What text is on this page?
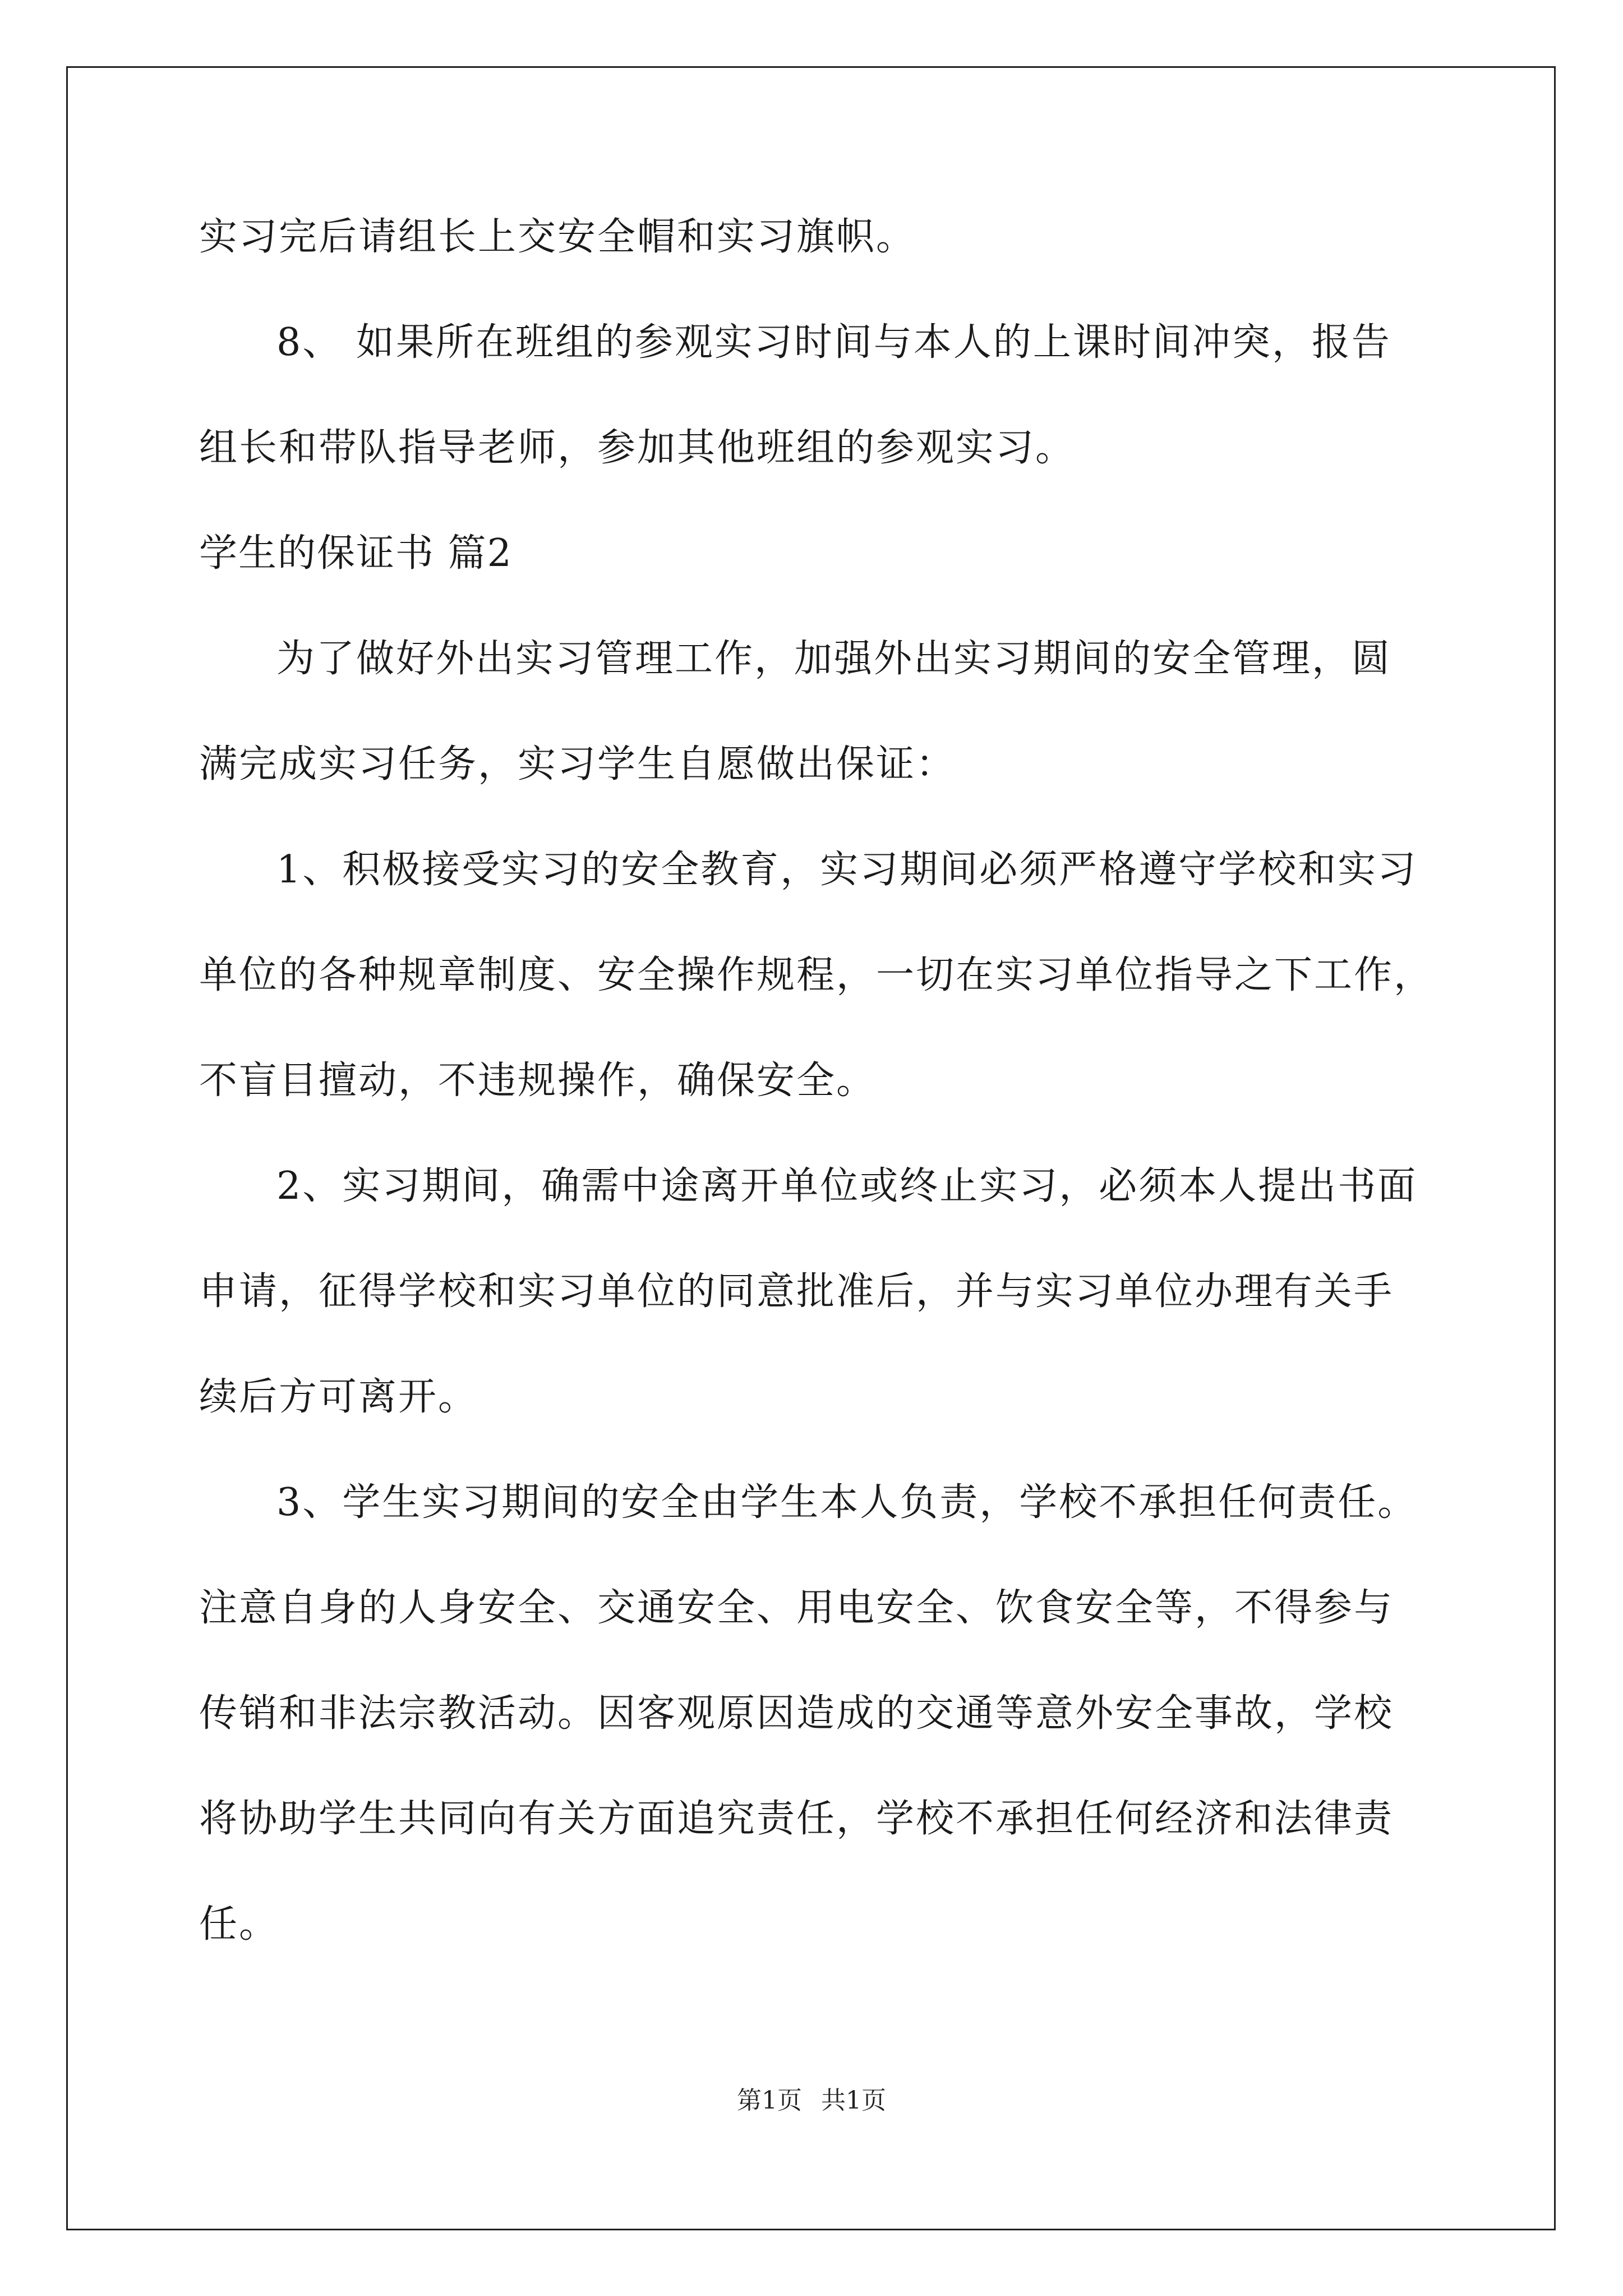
实习完后请组长上交安全帽和实习旗帜。

8、 如果所在班组的参观实习时间与本人的上课时间冲突，报告

组长和带队指导老师，参加其他班组的参观实习。

学生的保证书 篇2

为了做好外出实习管理工作，加强外出实习期间的安全管理，圆

满完成实习任务，实习学生自愿做出保证：

1、积极接受实习的安全教育，实习期间必须严格遵守学校和实习

单位的各种规章制度、安全操作规程，一切在实习单位指导之下工作，

不盲目擅动，不违规操作，确保安全。

2、实习期间，确需中途离开单位或终止实习，必须本人提出书面

申请，征得学校和实习单位的同意批准后，并与实习单位办理有关手

续后方可离开。

3、学生实习期间的安全由学生本人负责，学校不承担任何责任。

注意自身的人身安全、交通安全、用电安全、饮食安全等，不得参与

传销和非法宗教活动。因客观原因造成的交通等意外安全事故，学校

将协助学生共同向有关方面追究责任，学校不承担任何经济和法律责

任。

第1页 共1页
